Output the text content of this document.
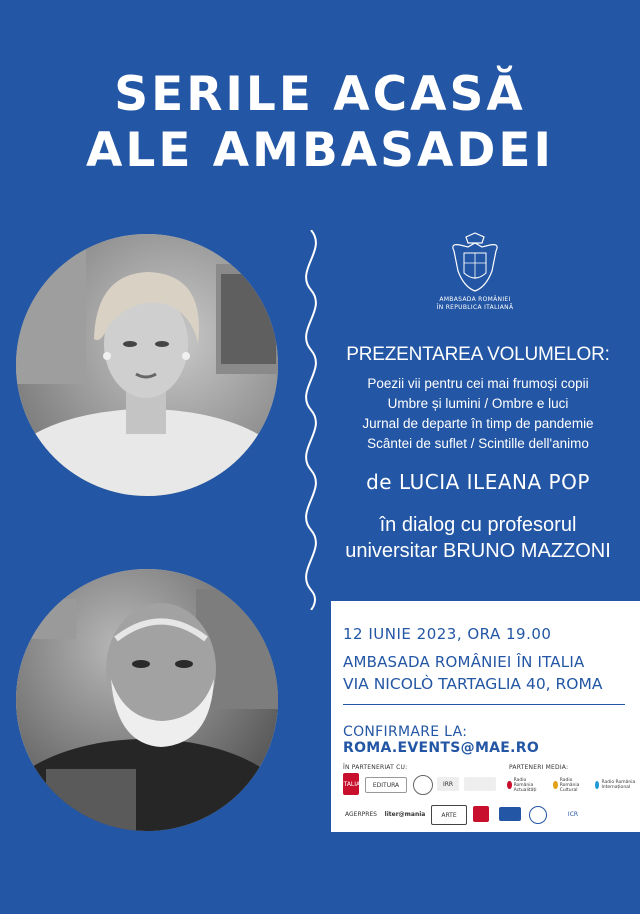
SERILE ACASĂ
ALE AMBASADEI
AMBASADA ROMÂNIEI
ÎN REPUBLICA ITALIANĂ
PREZENTAREA VOLUMELOR:
Poezii vii pentru cei mai frumoși copii
Umbre și lumini / Ombre e luci
Jurnal de departe în timp de pandemie
Scântei de suflet / Scintille dell'animo
de LUCIA ILEANA POP
în dialog cu profesorul
universitar BRUNO MAZZONI
12 IUNIE 2023, ORA 19.00
AMBASADA ROMÂNIEI ÎN ITALIA
VIA NICOLÒ TARTAGLIA 40, ROMA
CONFIRMARE LA: ROMA.EVENTS@MAE.RO
ÎN PARTENERIAT CU:	PARTENERI MEDIA:
ITALIA	EDITURA	IRR
AGERPRES	liter@mania	ARTE	ICR
Radio România Actualități
Radio România Cultural
Radio România Internațional
